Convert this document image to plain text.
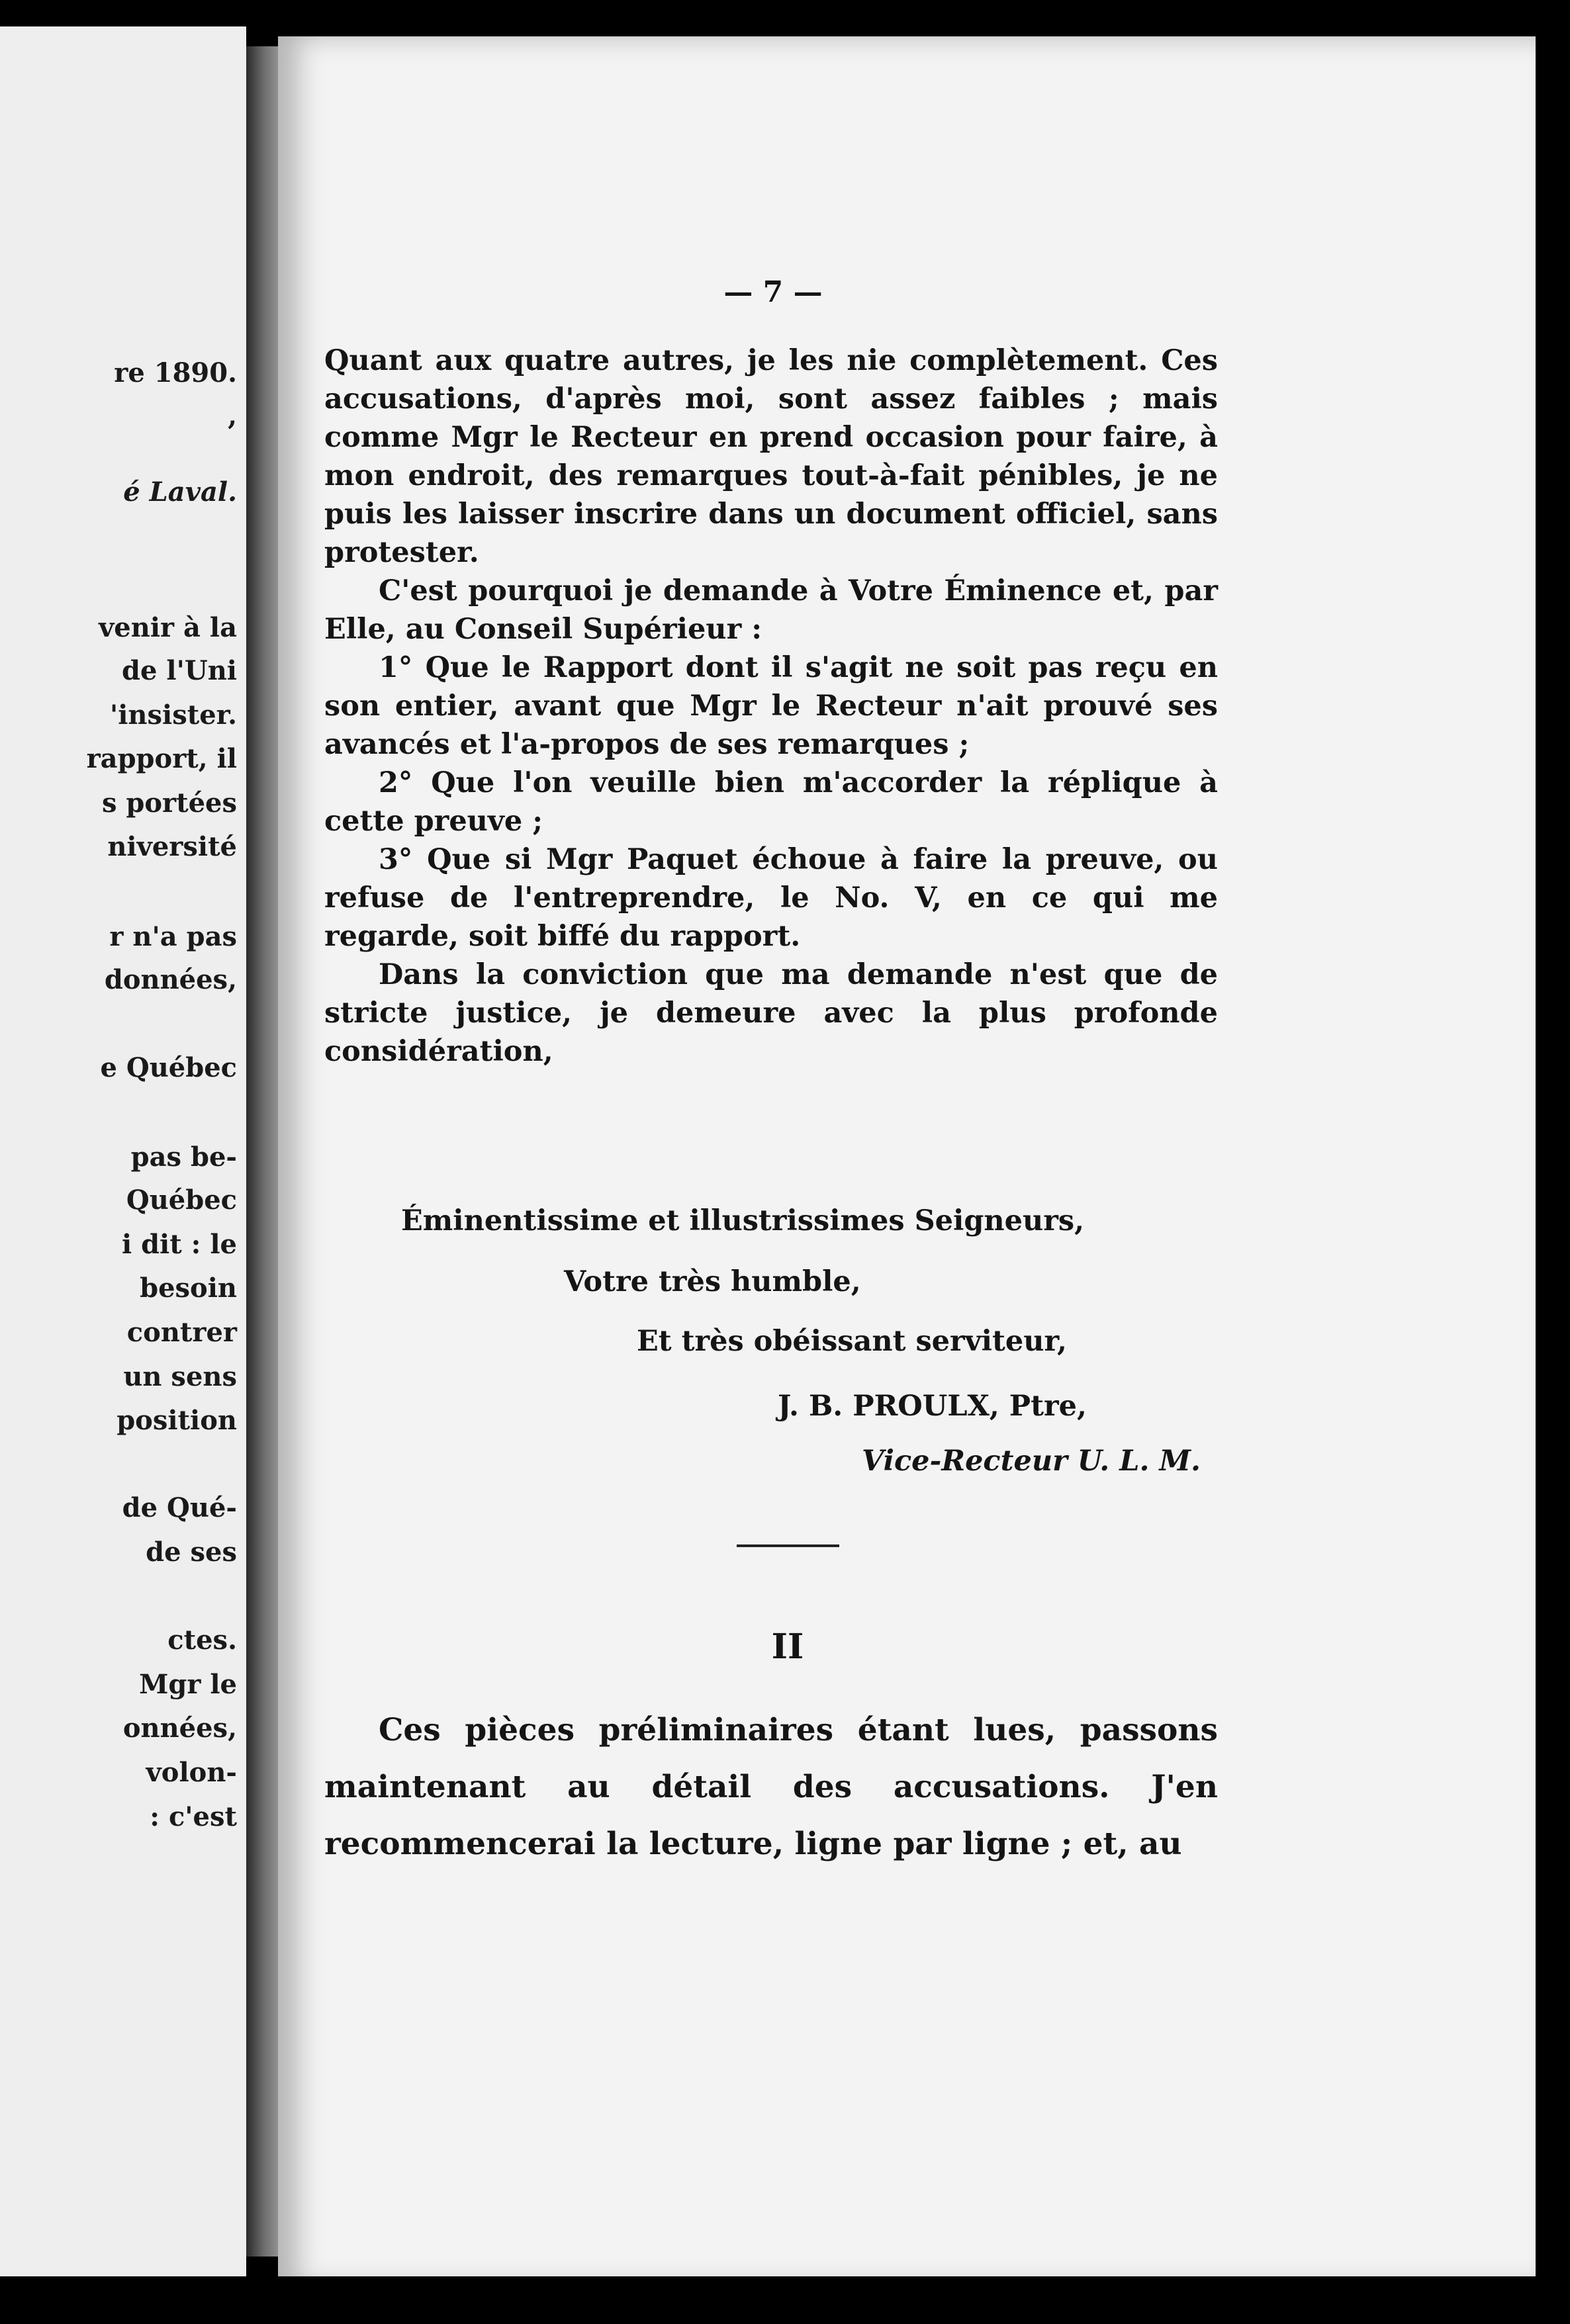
re 1890.
,
é Laval.
venir à la
de l'Uni
'insister.
rapport, il
s portées
niversité
r n'a pas
données,
e Québec
pas be-
Québec
i dit : le
besoin
contrer
un sens
position
de Qué-
de ses
ctes.
Mgr le
onnées,
volon-
: c'est
— 7 —

Quant aux quatre autres, je les nie complètement. Ces accusations, d'après moi, sont assez faibles ; mais comme Mgr le Recteur en prend occasion pour faire, à mon endroit, des remarques tout-à-fait pénibles, je ne puis les laisser inscrire dans un document officiel, sans protester.

C'est pourquoi je demande à Votre Éminence et, par Elle, au Conseil Supérieur :

1° Que le Rapport dont il s'agit ne soit pas reçu en son entier, avant que Mgr le Recteur n'ait prouvé ses avancés et l'a-propos de ses remarques ;

2° Que l'on veuille bien m'accorder la réplique à cette preuve ;

3° Que si Mgr Paquet échoue à faire la preuve, ou refuse de l'entreprendre, le No. V, en ce qui me regarde, soit biffé du rapport.

Dans la conviction que ma demande n'est que de stricte justice, je demeure avec la plus profonde considération,

Éminentissime et illustrissimes Seigneurs,
Votre très humble,
Et très obéissant serviteur,
J. B. PROULX, Ptre,
Vice-Recteur U. L. M.
II

Ces pièces préliminaires étant lues, passons maintenant au détail des accusations. J'en recommencerai la lecture, ligne par ligne ; et, au
